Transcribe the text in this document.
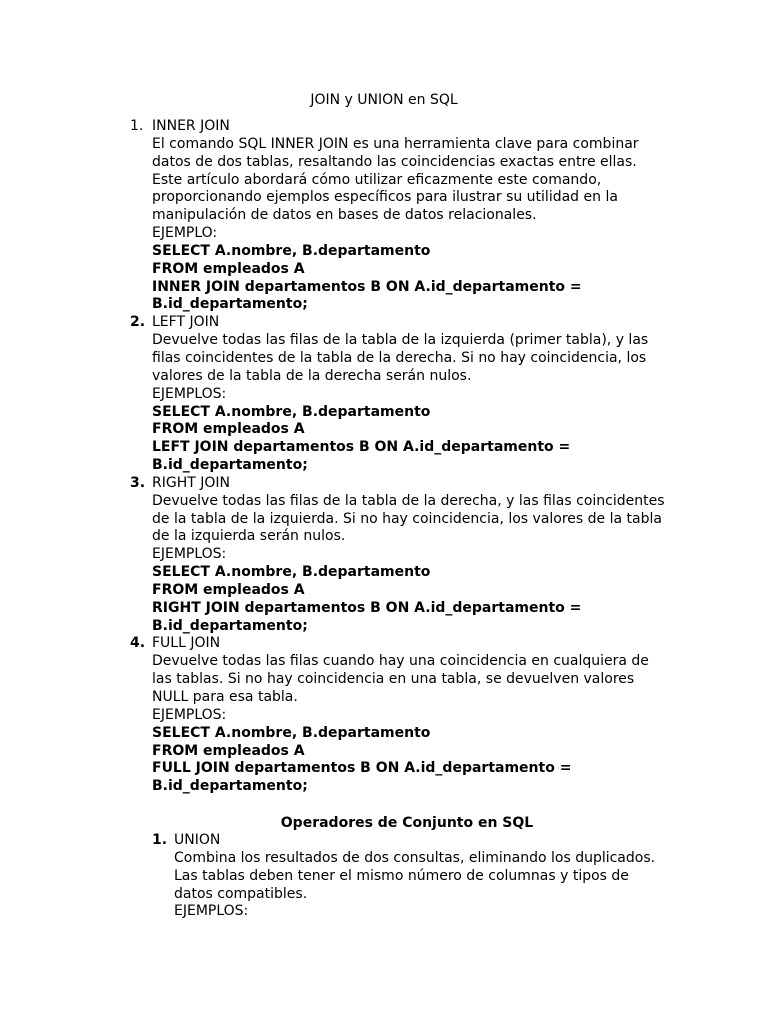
JOIN y UNION en SQL
1. INNER JOIN
El comando SQL INNER JOIN es una herramienta clave para combinar
datos de dos tablas, resaltando las coincidencias exactas entre ellas.
Este artículo abordará cómo utilizar eficazmente este comando,
proporcionando ejemplos específicos para ilustrar su utilidad en la
manipulación de datos en bases de datos relacionales.
EJEMPLO:
SELECT A.nombre, B.departamento
FROM empleados A
INNER JOIN departamentos B ON A.id_departamento =
B.id_departamento;
2. LEFT JOIN
Devuelve todas las filas de la tabla de la izquierda (primer tabla), y las
filas coincidentes de la tabla de la derecha. Si no hay coincidencia, los
valores de la tabla de la derecha serán nulos.
EJEMPLOS:
SELECT A.nombre, B.departamento
FROM empleados A
LEFT JOIN departamentos B ON A.id_departamento =
B.id_departamento;
3. RIGHT JOIN
Devuelve todas las filas de la tabla de la derecha, y las filas coincidentes
de la tabla de la izquierda. Si no hay coincidencia, los valores de la tabla
de la izquierda serán nulos.
EJEMPLOS:
SELECT A.nombre, B.departamento
FROM empleados A
RIGHT JOIN departamentos B ON A.id_departamento =
B.id_departamento;
4. FULL JOIN
Devuelve todas las filas cuando hay una coincidencia en cualquiera de
las tablas. Si no hay coincidencia en una tabla, se devuelven valores
NULL para esa tabla.
EJEMPLOS:
SELECT A.nombre, B.departamento
FROM empleados A
FULL JOIN departamentos B ON A.id_departamento =
B.id_departamento;
Operadores de Conjunto en SQL
1. UNION
Combina los resultados de dos consultas, eliminando los duplicados.
Las tablas deben tener el mismo número de columnas y tipos de
datos compatibles.
EJEMPLOS:
